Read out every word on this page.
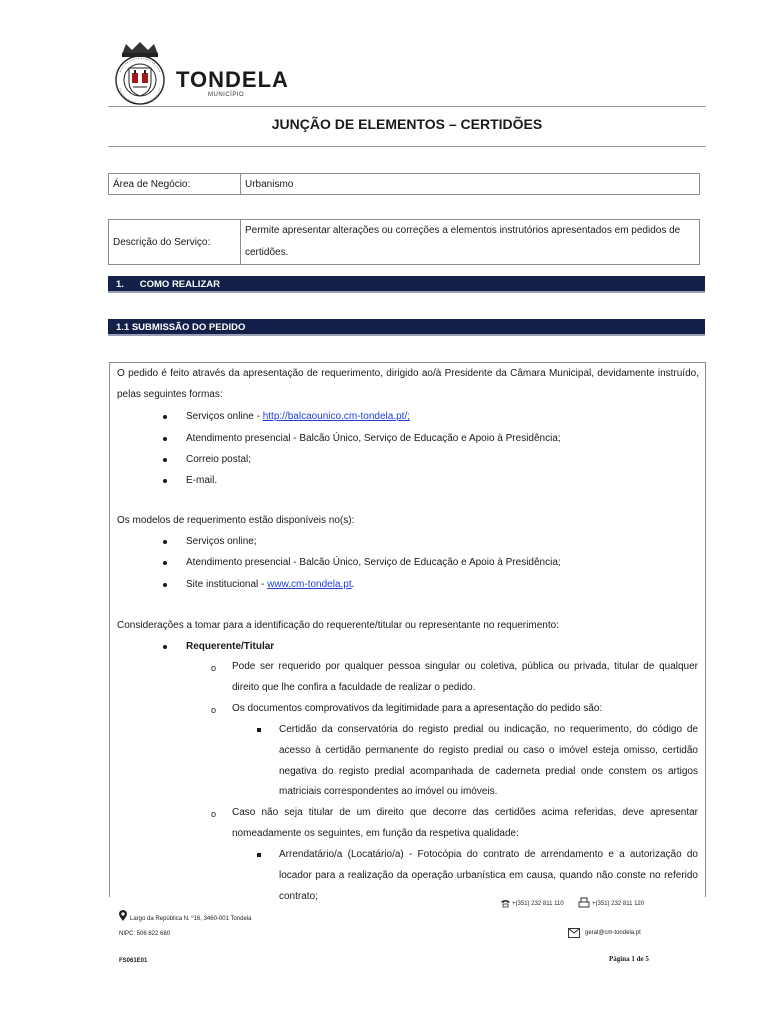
TONDELA
MUNICÍPIO
JUNÇÃO DE ELEMENTOS – CERTIDÕES
Área de Negócio:	Urbanismo
Descrição do Serviço:	Permite apresentar alterações ou correções a elementos instrutórios apresentados em pedidos de certidões.
1.      COMO REALIZAR
1.1 SUBMISSÃO DO PEDIDO
O pedido é feito através da apresentação de requerimento, dirigido ao/à Presidente da Câmara Municipal, devidamente instruído, pelas seguintes formas:
Serviços online - http://balcaounico.cm-tondela.pt/;
Atendimento presencial - Balcão Único, Serviço de Educação e Apoio à Presidência;
Correio postal;
E-mail.
Os modelos de requerimento estão disponíveis no(s):
Serviços online;
Atendimento presencial - Balcão Único, Serviço de Educação e Apoio à Presidência;
Site institucional - www.cm-tondela.pt.
Considerações a tomar para a identificação do requerente/titular ou representante no requerimento:
Requerente/Titular
o Pode ser requerido por qualquer pessoa singular ou coletiva, pública ou privada, titular de qualquer direito que lhe confira a faculdade de realizar o pedido.
o Os documentos comprovativos da legitimidade para a apresentação do pedido são:
Certidão da conservatória do registo predial ou indicação, no requerimento, do código de acesso à certidão permanente do registo predial ou caso o imóvel esteja omisso, certidão negativa do registo predial acompanhada de caderneta predial onde constem os artigos matriciais correspondentes ao imóvel ou imóveis.
o Caso não seja titular de um direito que decorre das certidões acima referidas, deve apresentar nomeadamente os seguintes, em função da respetiva qualidade:
Arrendatário/a (Locatário/a) - Fotocópia do contrato de arrendamento e a autorização do locador para a realização da operação urbanística em causa, quando não conste no referido contrato;
+(351) 232 811 110	+(351) 232 811 120
Largo da República N. º16, 3460-001 Tondela
NIPC: 506 822 680	geral@cm-tondela.pt
FS061E01	Página 1 de 5
